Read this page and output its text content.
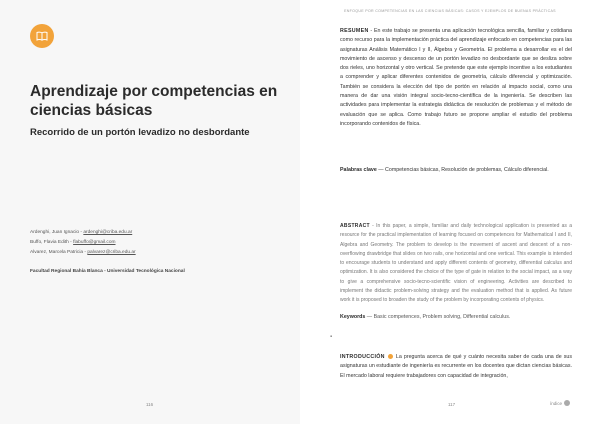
Aprendizaje por competencias en ciencias básicas
Recorrido de un portón levadizo no desbordante
Ardenghi, Juan Ignacio - ardenghi@criba.edu.ar
Buffo, Flavia Edith - flabuffo@gmail.com
Alvarez, Marcela Patricia - palvarez@criba.edu.ar
Facultad Regional Bahía Blanca - Universidad Tecnológica Nacional
116
ENFOQUE POR COMPETENCIAS EN LAS CIENCIAS BÁSICAS: CASOS Y EJEMPLOS DE BUENAS PRÁCTICAS

RESUMEN - En este trabajo se presenta una aplicación tecnológica sencilla, familiar y cotidiana como recurso para la implementación práctica del aprendizaje enfocado en competencias para las asignaturas Análisis Matemático I y II, Álgebra y Geometría. El problema a desarrollar es el del movimiento de ascenso y descenso de un portón levadizo no desbordante que se desliza sobre dos rieles, uno horizontal y otro vertical. Se pretende que este ejemplo incentive a los estudiantes a comprender y aplicar diferentes contenidos de geometría, cálculo diferencial y optimización. También se considera la elección del tipo de portón en relación al impacto social, como una manera de dar una visión integral socio-tecno-científica de la ingeniería. Se describen las actividades para implementar la estrategia didáctica de resolución de problemas y el método de evaluación que se aplica. Como trabajo futuro se propone ampliar el estudio del problema incorporando contenidos de física.

Palabras clave — Competencias básicas, Resolución de problemas, Cálculo diferencial.

ABSTRACT - In this paper, a simple, familiar and daily technological application is presented as a resource for the practical implementation of learning focused on competences for Mathematical I and II, Algebra and Geometry. The problem to develop is the movement of ascent and descent of a non-overflowing drawbridge that slides on two rails, one horizontal and one vertical. This example is intended to encourage students to understand and apply different contents of geometry, differential calculus and optimization. It is also considered the choice of the type of gate in relation to the social impact, as a way to give a comprehensive socio-tecno-scientific vision of engineering. Activities are described to implement the didactic problem-solving strategy and the evaluation method that is applied. As future work it is proposed to broaden the study of the problem by incorporating contents of physics.

Keywords — Basic competences, Problem solving, Differential calculus.

▪

INTRODUCCIÓN  La pregunta acerca de qué y cuánto necesita saber de cada una de sus asignaturas un estudiante de ingeniería es recurrente en los docentes que dictan ciencias básicas. El mercado laboral requiere trabajadores con capacidad de integración,

117	índice
